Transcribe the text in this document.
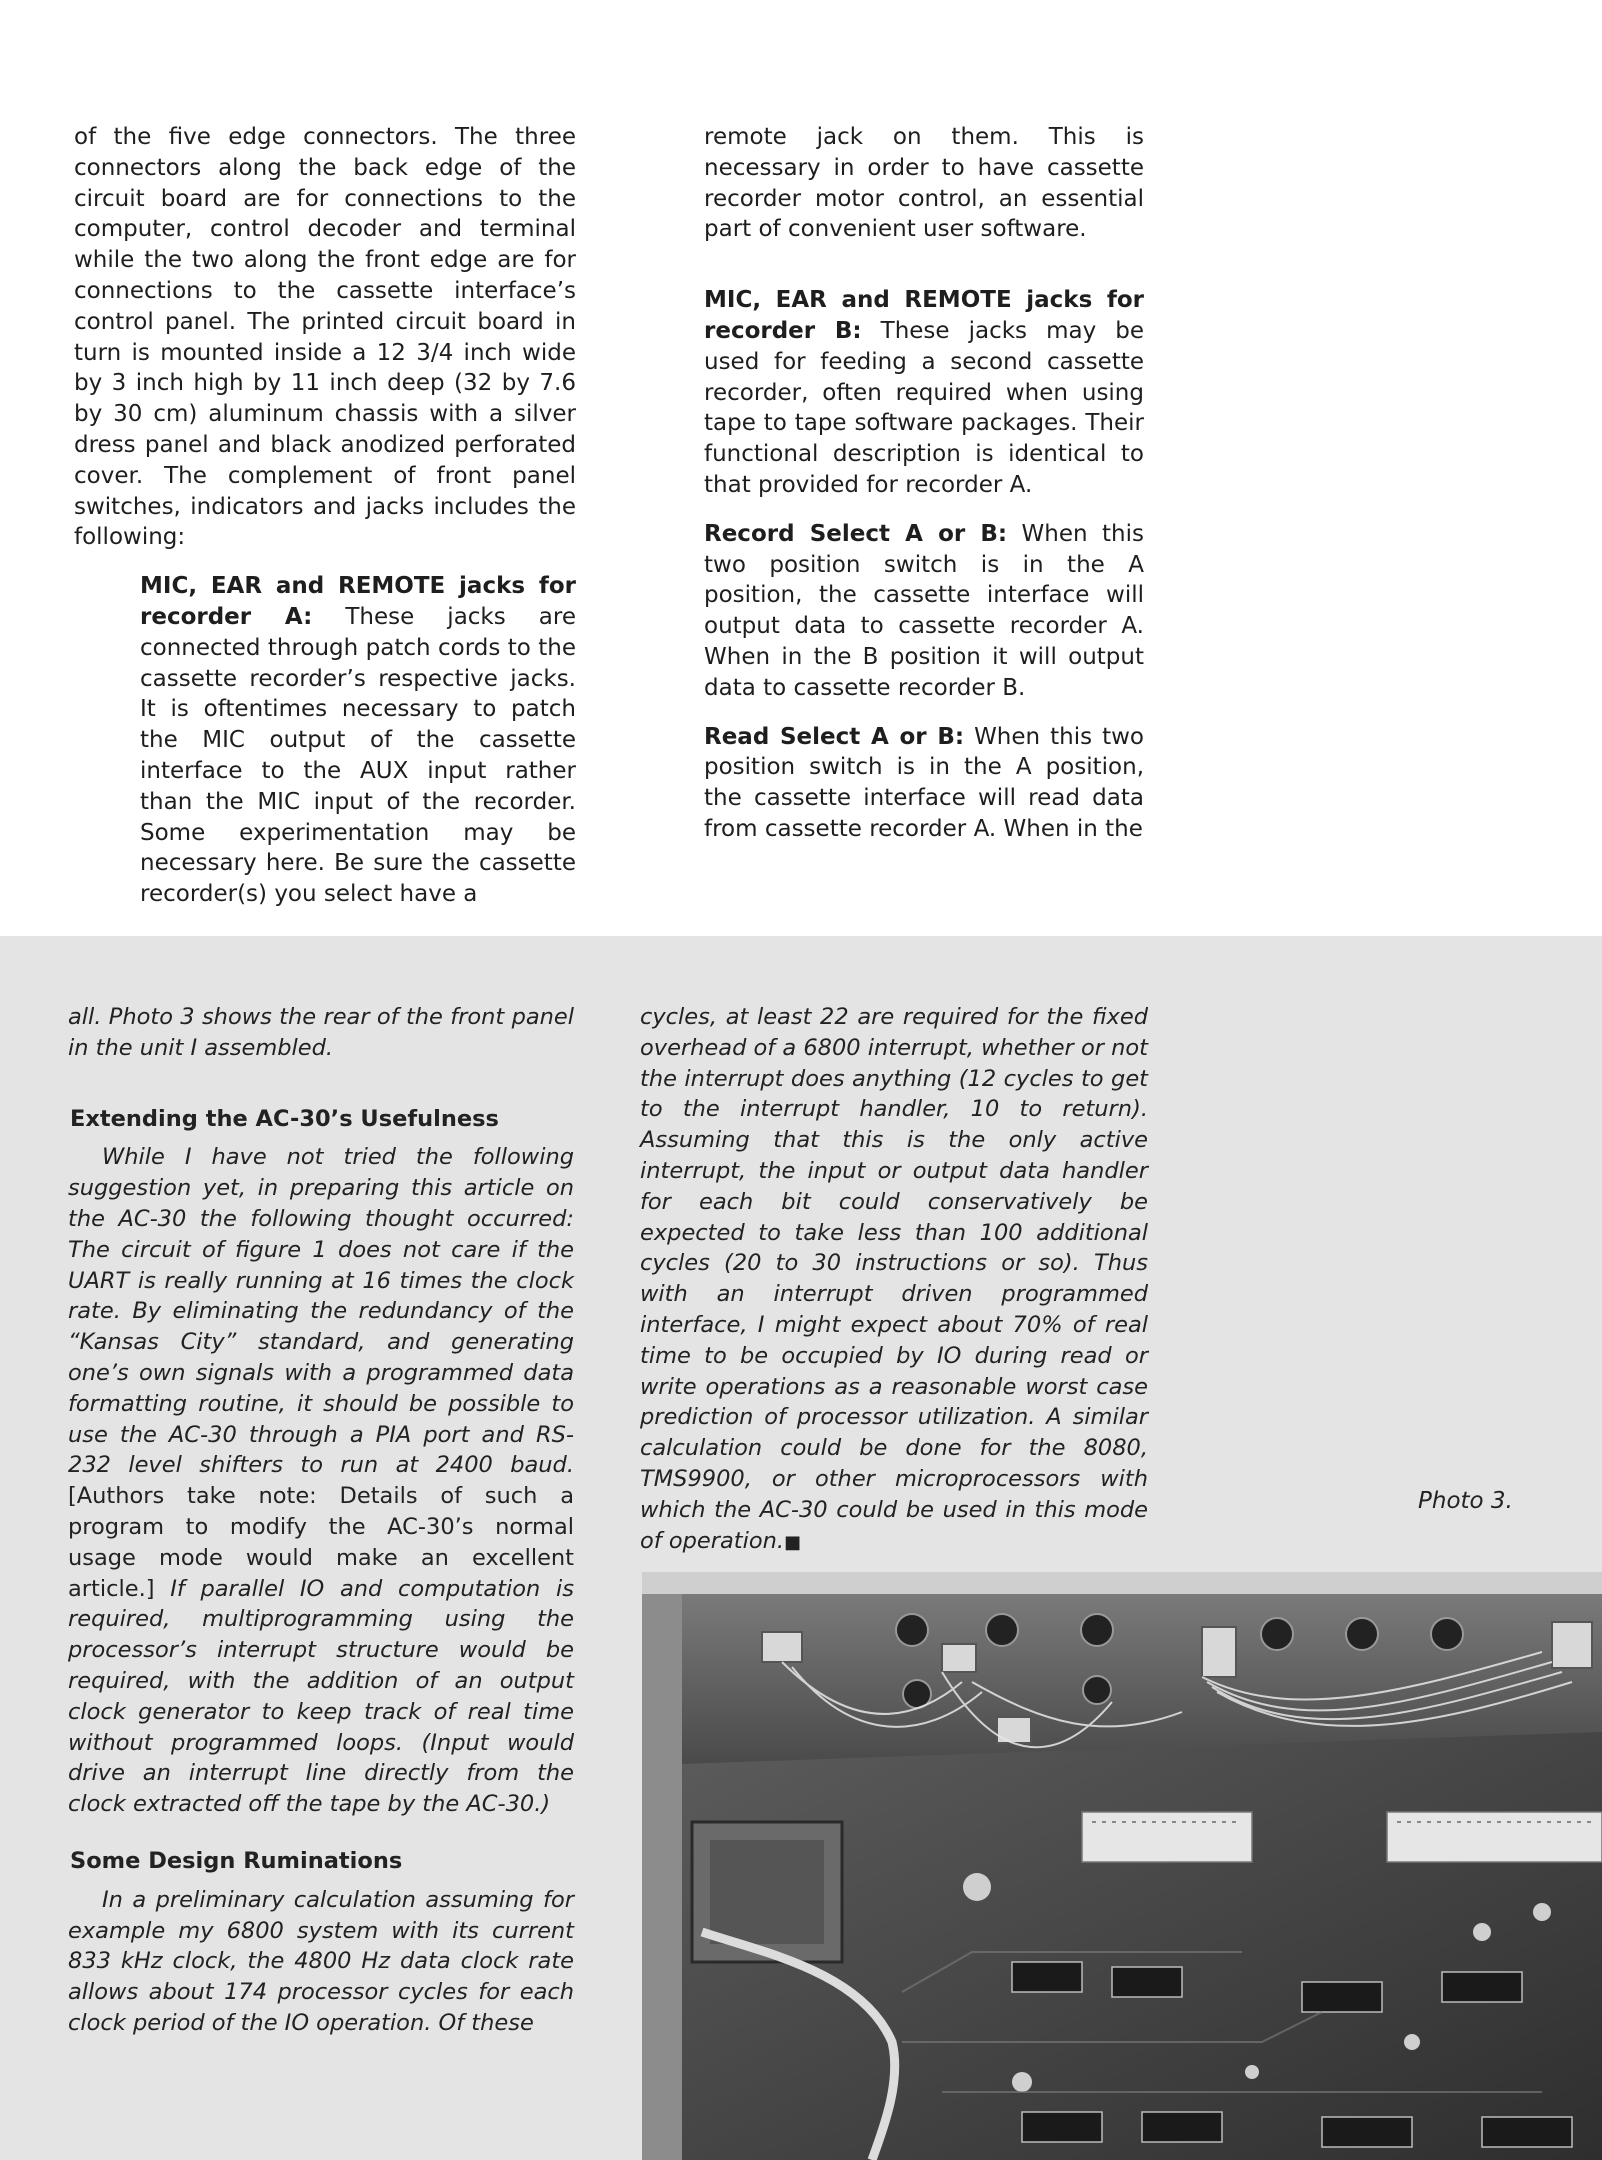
of the five edge connectors. The three connectors along the back edge of the circuit board are for connections to the computer, control decoder and terminal while the two along the front edge are for connections to the cassette interface’s control panel. The printed circuit board in turn is mounted inside a 12 3/4 inch wide by 3 inch high by 11 inch deep (32 by 7.6 by 30 cm) aluminum chassis with a silver dress panel and black anodized perforated cover. The complement of front panel switches, indicators and jacks includes the following:

MIC, EAR and REMOTE jacks for recorder A: These jacks are connected through patch cords to the cassette recorder’s respective jacks. It is oftentimes necessary to patch the MIC output of the cassette interface to the AUX input rather than the MIC input of the recorder. Some experimentation may be necessary here. Be sure the cassette recorder(s) you select have a

remote jack on them. This is necessary in order to have cassette recorder motor control, an essential part of convenient user software.

MIC, EAR and REMOTE jacks for recorder B: These jacks may be used for feeding a second cassette recorder, often required when using tape to tape software packages. Their functional description is identical to that provided for recorder A.

Record Select A or B: When this two position switch is in the A position, the cassette interface will output data to cassette recorder A. When in the B position it will output data to cassette recorder B.

Read Select A or B: When this two position switch is in the A position, the cassette interface will read data from cassette recorder A. When in the

all. Photo 3 shows the rear of the front panel in the unit I assembled.

Extending the AC-30’s Usefulness

While I have not tried the following suggestion yet, in preparing this article on the AC-30 the following thought occurred: The circuit of figure 1 does not care if the UART is really running at 16 times the clock rate. By eliminating the redundancy of the “Kansas City” standard, and generating one’s own signals with a programmed data formatting routine, it should be possible to use the AC-30 through a PIA port and RS-232 level shifters to run at 2400 baud. [Authors take note: Details of such a program to modify the AC-30’s normal usage mode would make an excellent article.] If parallel IO and computation is required, multiprogramming using the processor’s interrupt structure would be required, with the addition of an output clock generator to keep track of real time without programmed loops. (Input would drive an interrupt line directly from the clock extracted off the tape by the AC-30.)

Some Design Ruminations

In a preliminary calculation assuming for example my 6800 system with its current 833 kHz clock, the 4800 Hz data clock rate allows about 174 processor cycles for each clock period of the IO operation. Of these

cycles, at least 22 are required for the fixed overhead of a 6800 interrupt, whether or not the interrupt does anything (12 cycles to get to the interrupt handler, 10 to return). Assuming that this is the only active interrupt, the input or output data handler for each bit could conservatively be expected to take less than 100 additional cycles (20 to 30 instructions or so). Thus with an interrupt driven programmed interface, I might expect about 70% of real time to be occupied by IO during read or write operations as a reasonable worst case prediction of processor utilization. A similar calculation could be done for the 8080, TMS9900, or other microprocessors with which the AC-30 could be used in this mode of operation.■

Photo 3.
